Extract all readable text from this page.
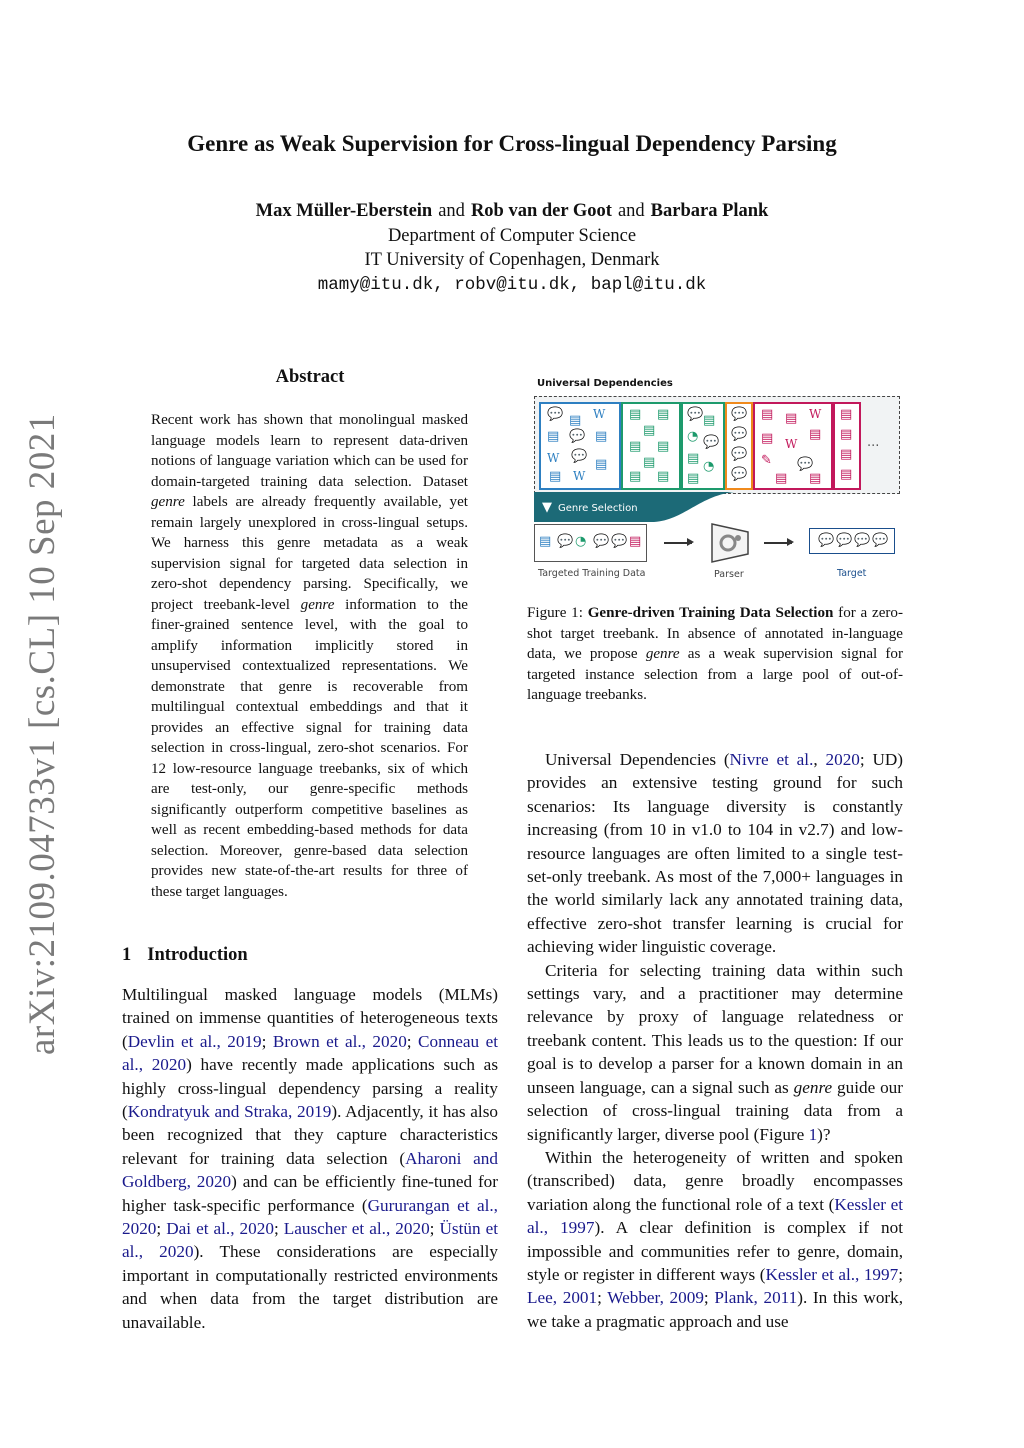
arXiv:2109.04733v1 [cs.CL] 10 Sep 2021
Genre as Weak Supervision for Cross-lingual Dependency Parsing
Max Müller-Eberstein and Rob van der Goot and Barbara Plank
Department of Computer Science
IT University of Copenhagen, Denmark
mamy@itu.dk, robv@itu.dk, bapl@itu.dk
Abstract
Recent work has shown that monolingual masked language models learn to represent data-driven notions of language variation which can be used for domain-targeted training data selection. Dataset genre labels are already frequently available, yet remain largely unexplored in cross-lingual setups. We harness this genre metadata as a weak supervision signal for targeted data selection in zero-shot dependency parsing. Specifically, we project treebank-level genre information to the finer-grained sentence level, with the goal to amplify information implicitly stored in unsupervised contextualized representations. We demonstrate that genre is recoverable from multilingual contextual embeddings and that it provides an effective signal for training data selection in cross-lingual, zero-shot scenarios. For 12 low-resource language treebanks, six of which are test-only, our genre-specific methods significantly outperform competitive baselines as well as recent embedding-based methods for data selection. Moreover, genre-based data selection provides new state-of-the-art results for three of these target languages.
1 Introduction

Multilingual masked language models (MLMs) trained on immense quantities of heterogeneous texts (Devlin et al., 2019; Brown et al., 2020; Conneau et al., 2020) have recently made applications such as highly cross-lingual dependency parsing a reality (Kondratyuk and Straka, 2019). Adjacently, it has also been recognized that they capture characteristics relevant for training data selection (Aharoni and Goldberg, 2020) and can be efficiently fine-tuned for higher task-specific performance (Gururangan et al., 2020; Dai et al., 2020; Lauscher et al., 2020; Üstün et al., 2020). These considerations are especially important in computationally restricted environments and when data from the target distribution are unavailable.

Universal Dependencies
💬 ▤ W
▤ 💬 ▤
W 💬
▤
▤ W
▤ ▤
▤
▤ ▤
▤
▤ ▤
💬 ▤
◔ 💬
▤
◔
▤
💬
💬
💬
💬
▤ ▤ W
▤
▤ W
✎ 💬
▤ ▤
▤
▤
▤
▤
...
▼ Genre Selection
▤ 💬 ◔ 💬 💬 ▤
Targeted Training Data	Parser
💬 💬 💬 💬
Target
Figure 1: Genre-driven Training Data Selection for a zero-shot target treebank. In absence of annotated in-language data, we propose genre as a weak supervision signal for targeted instance selection from a large pool of out-of-language treebanks.

Universal Dependencies (Nivre et al., 2020; UD) provides an extensive testing ground for such scenarios: Its language diversity is constantly increasing (from 10 in v1.0 to 104 in v2.7) and low-resource languages are often limited to a single test-set-only treebank. As most of the 7,000+ languages in the world similarly lack any annotated training data, effective zero-shot transfer learning is crucial for achieving wider linguistic coverage.

Criteria for selecting training data within such settings vary, and a practitioner may determine relevance by proxy of language relatedness or treebank content. This leads us to the question: If our goal is to develop a parser for a known domain in an unseen language, can a signal such as genre guide our selection of cross-lingual training data from a significantly larger, diverse pool (Figure 1)?

Within the heterogeneity of written and spoken (transcribed) data, genre broadly encompasses variation along the functional role of a text (Kessler et al., 1997). A clear definition is complex if not impossible and communities refer to genre, domain, style or register in different ways (Kessler et al., 1997; Lee, 2001; Webber, 2009; Plank, 2011). In this work, we take a pragmatic approach and use
